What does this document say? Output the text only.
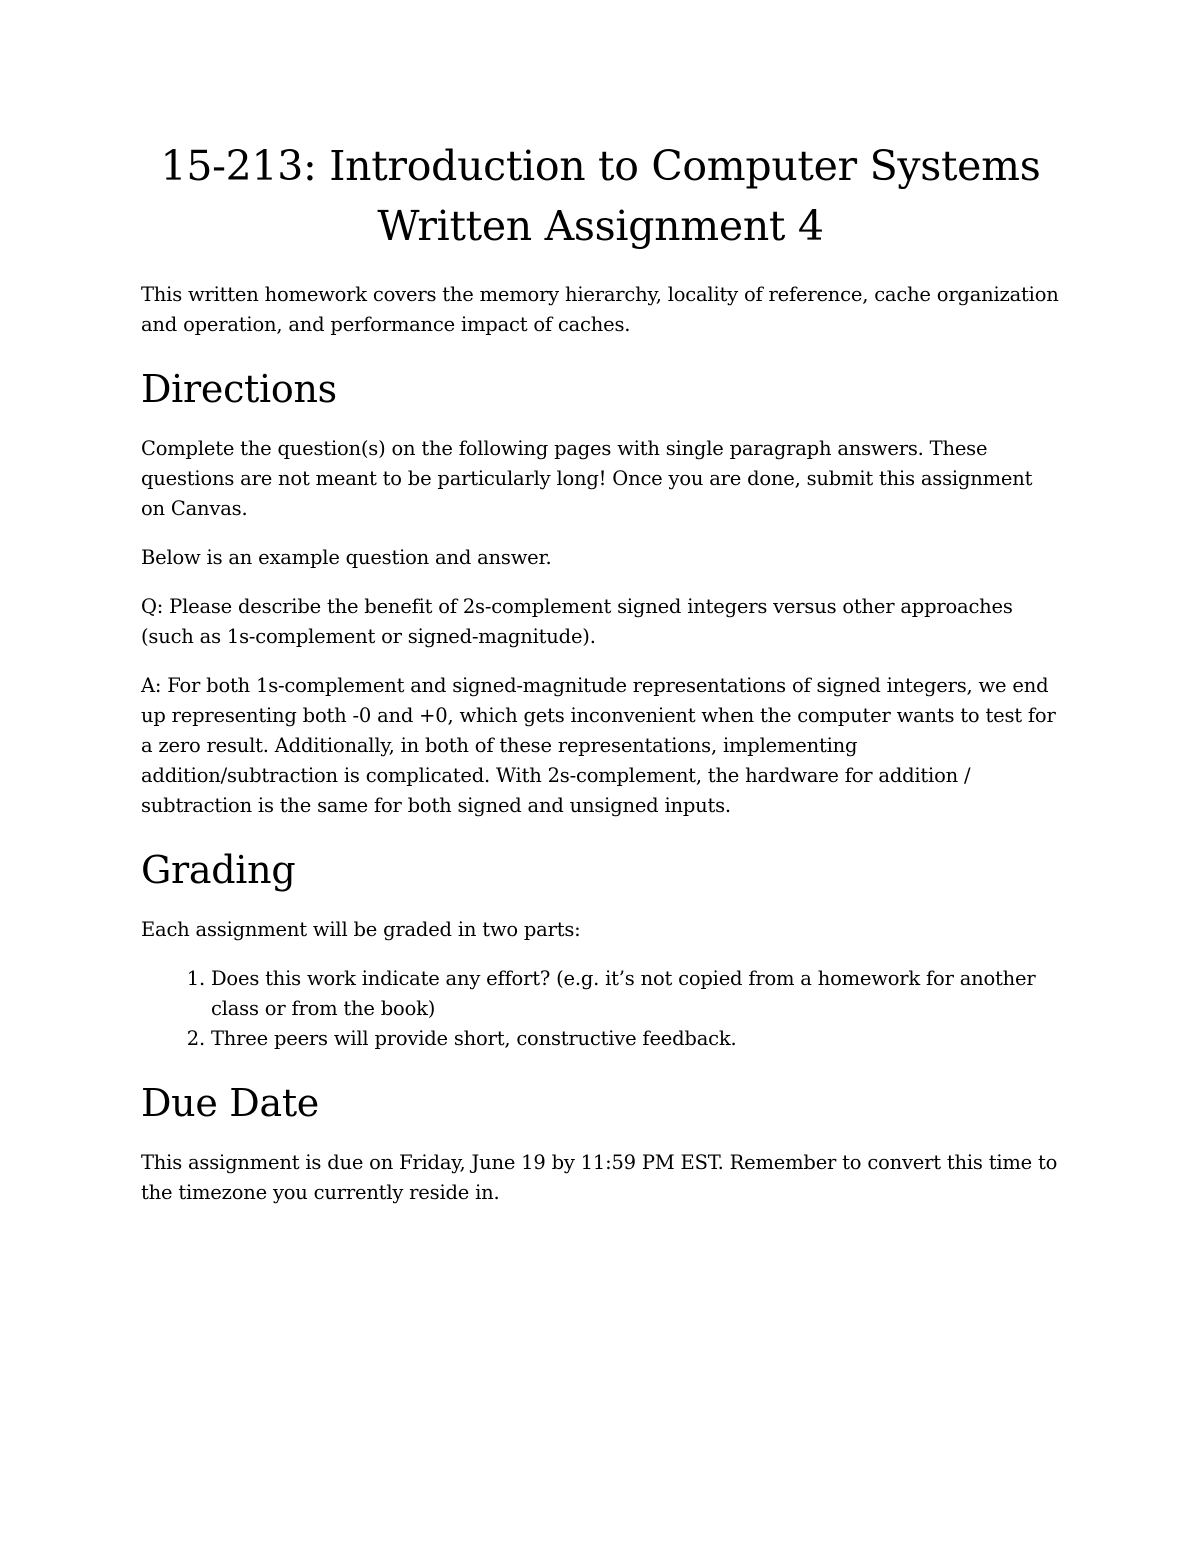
15-213: Introduction to Computer Systems
Written Assignment 4

This written homework covers the memory hierarchy, locality of reference, cache organization and operation, and performance impact of caches.

Directions

Complete the question(s) on the following pages with single paragraph answers. These questions are not meant to be particularly long! Once you are done, submit this assignment on Canvas.

Below is an example question and answer.

Q: Please describe the benefit of 2s-complement signed integers versus other approaches (such as 1s-complement or signed-magnitude).

A: For both 1s-complement and signed-magnitude representations of signed integers, we end up representing both -0 and +0, which gets inconvenient when the computer wants to test for a zero result. Additionally, in both of these representations, implementing addition/subtraction is complicated. With 2s-complement, the hardware for addition / subtraction is the same for both signed and unsigned inputs.

Grading

Each assignment will be graded in two parts:

1. Does this work indicate any effort? (e.g. it’s not copied from a homework for another class or from the book)
2. Three peers will provide short, constructive feedback.
Due Date

This assignment is due on Friday, June 19 by 11:59 PM EST. Remember to convert this time to the timezone you currently reside in.
